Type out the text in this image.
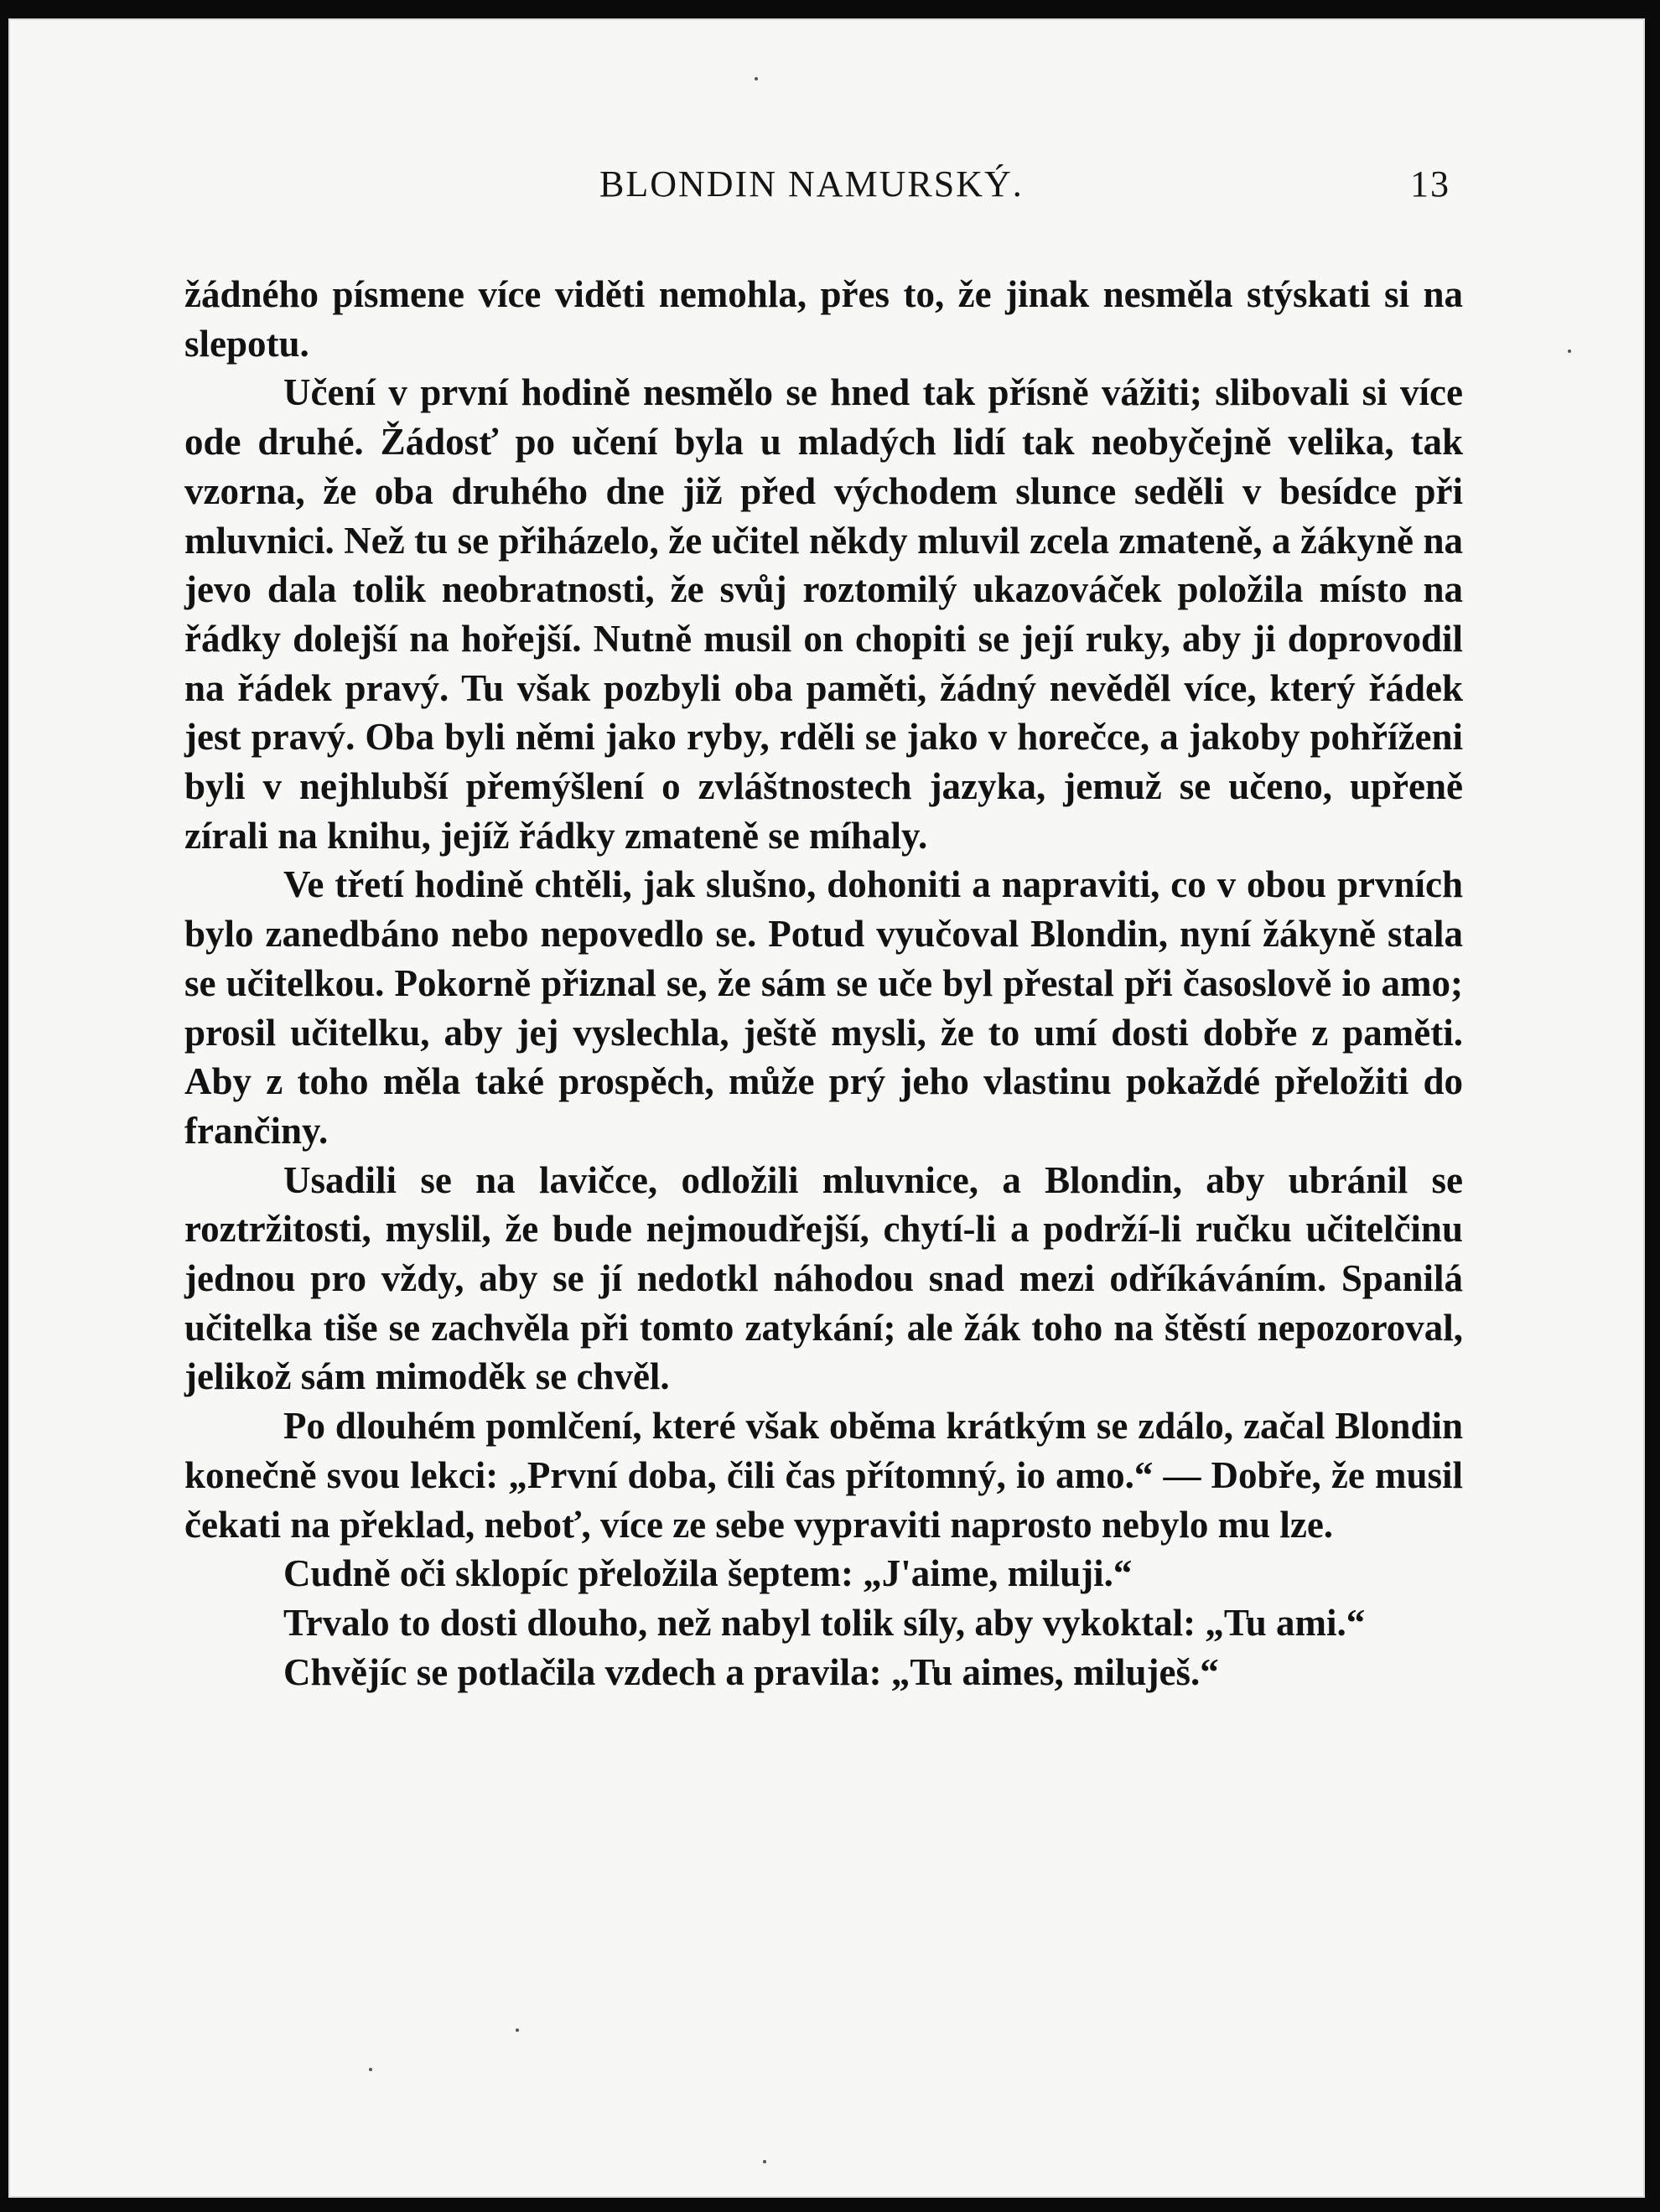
BLONDIN NAMURSKÝ.	13

žádného písmene více viděti nemohla, přes to, že jinak nesměla stýskati si na slepotu.

Učení v první hodině nesmělo se hned tak přísně vážiti; slibovali si více ode druhé. Žádosť po učení byla u mladých lidí tak neobyčejně velika, tak vzorna, že oba druhého dne již před východem slunce seděli v besídce při mluvnici. Než tu se přiházelo, že učitel někdy mluvil zcela zmateně, a žákyně na jevo dala tolik neobratnosti, že svůj roztomilý ukazováček položila místo na řádky dolejší na hořejší. Nutně musil on chopiti se její ruky, aby ji doprovodil na řádek pravý. Tu však pozbyli oba paměti, žádný nevěděl více, který řádek jest pravý. Oba byli němi jako ryby, rděli se jako v horečce, a jakoby pohříženi byli v nejhlubší přemýšlení o zvláštnostech jazyka, jemuž se učeno, upřeně zírali na knihu, jejíž řádky zmateně se míhaly.

Ve třetí hodině chtěli, jak slušno, dohoniti a napraviti, co v obou prvních bylo zanedbáno nebo nepovedlo se. Potud vyučoval Blondin, nyní žákyně stala se učitelkou. Pokorně přiznal se, že sám se uče byl přestal při časoslově io amo; prosil učitelku, aby jej vyslechla, ještě mysli, že to umí dosti dobře z paměti. Aby z toho měla také prospěch, může prý jeho vlastinu pokaždé přeložiti do frančiny.

Usadili se na lavičce, odložili mluvnice, a Blondin, aby ubránil se roztržitosti, myslil, že bude nejmoudřejší, chytí-li a podrží-li ručku učitelčinu jednou pro vždy, aby se jí nedotkl náhodou snad mezi odříkáváním. Spanilá učitelka tiše se zachvěla při tomto zatykání; ale žák toho na štěstí nepozoroval, jelikož sám mimoděk se chvěl.

Po dlouhém pomlčení, které však oběma krátkým se zdálo, začal Blondin konečně svou lekci: „První doba, čili čas přítomný, io amo.“ — Dobře, že musil čekati na překlad, neboť, více ze sebe vypraviti naprosto nebylo mu lze.

Cudně oči sklopíc přeložila šeptem: „J'aime, miluji.“

Trvalo to dosti dlouho, než nabyl tolik síly, aby vykoktal: „Tu ami.“

Chvějíc se potlačila vzdech a pravila: „Tu aimes, miluješ.“
